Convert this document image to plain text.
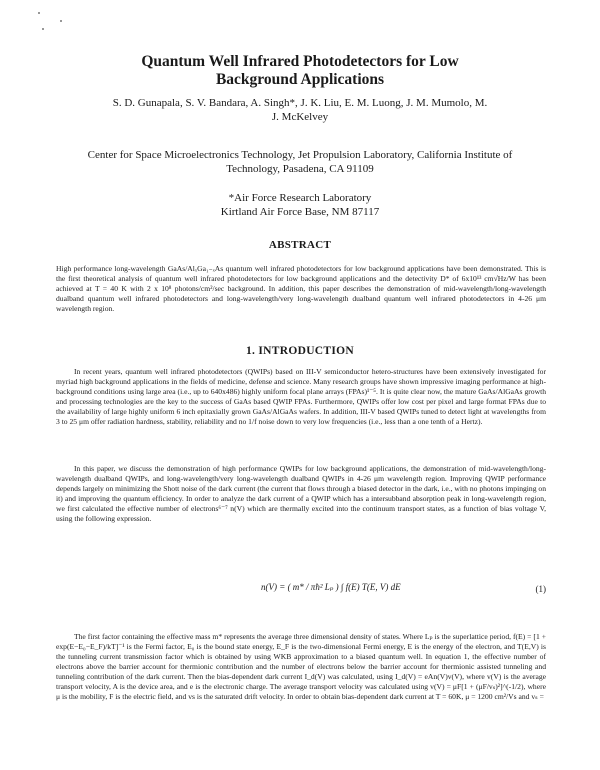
Quantum Well Infrared Photodetectors for Low Background Applications
S. D. Gunapala, S. V. Bandara, A. Singh*, J. K. Liu, E. M. Luong, J. M. Mumolo, M. J. McKelvey
Center for Space Microelectronics Technology, Jet Propulsion Laboratory, California Institute of Technology, Pasadena, CA 91109
*Air Force Research Laboratory
Kirtland Air Force Base, NM 87117
ABSTRACT
High performance long-wavelength GaAs/AlₓGa₁₋ₓAs quantum well infrared photodetectors for low background applications have been demonstrated. This is the first theoretical analysis of quantum well infrared photodetectors for low background applications and the detectivity D* of 6x10¹³ cm√Hz/W has been achieved at T = 40 K with 2 x 10⁸ photons/cm²/sec background. In addition, this paper describes the demonstration of mid-wavelength/long-wavelength dualband quantum well infrared photodetectors and long-wavelength/very long-wavelength dualband quantum well infrared photodetectors in 4-26 μm wavelength region.
1. INTRODUCTION
In recent years, quantum well infrared photodetectors (QWIPs) based on III-V semiconductor hetero-structures have been extensively investigated for myriad high background applications in the fields of medicine, defense and science. Many research groups have shown impressive imaging performance at high-background conditions using large area (i.e., up to 640x486) highly uniform focal plane arrays (FPAs)¹⁻⁵. It is quite clear now, the mature GaAs/AlGaAs growth and processing technologies are the key to the success of GaAs based QWIP FPAs. Furthermore, QWIPs offer low cost per pixel and large format FPAs due to the availability of large highly uniform 6 inch epitaxially grown GaAs/AlGaAs wafers. In addition, III-V based QWIPs tuned to detect light at wavelengths from 3 to 25 μm offer radiation hardness, stability, reliability and no 1/f noise down to very low frequencies (i.e., less than a one tenth of a Hertz).
In this paper, we discuss the demonstration of high performance QWIPs for low background applications, the demonstration of mid-wavelength/long-wavelength dualband QWIPs, and long-wavelength/very long-wavelength dualband QWIPs in 4-26 μm wavelength region. Improving QWIP performance depends largely on minimizing the Shott noise of the dark current (the current that flows through a biased detector in the dark, i.e., with no photons impinging on it) and improving the quantum efficiency. In order to analyze the dark current of a QWIP which has a intersubband absorption peak in long-wavelength region, we first calculated the effective number of electrons⁶⁻⁷ n(V) which are thermally excited into the continuum transport states, as a function of bias voltage V, using the following expression.
n(V) = ( m* / πħ² Lₚ ) ∫ f(E) T(E, V) dE	(1)
The first factor containing the effective mass m* represents the average three dimensional density of states. Where Lₚ is the superlattice period, f(E) = [1 + exp(E−E₀−E_F)/kT]⁻¹ is the Fermi factor, E₀ is the bound state energy, E_F is the two-dimensional Fermi energy, E is the energy of the electron, and T(E,V) is the tunneling current transmission factor which is obtained by using WKB approximation to a biased quantum well. In equation 1, the effective number of electrons above the barrier account for thermionic contribution and the number of electrons below the barrier account for thermionic assisted tunneling and tunneling contribution of the dark current. Then the bias-dependent dark current I_d(V) was calculated, using I_d(V) = eAn(V)v(V), where v(V) is the average transport velocity, A is the device area, and e is the electronic charge. The average transport velocity was calculated using v(V) = μF[1 + (μF/vₛ)²]^(-1/2), where μ is the mobility, F is the electric field, and vs is the saturated drift velocity. In order to obtain bias-dependent dark current at T = 60K, μ = 1200 cm²/Vs and vₛ =
